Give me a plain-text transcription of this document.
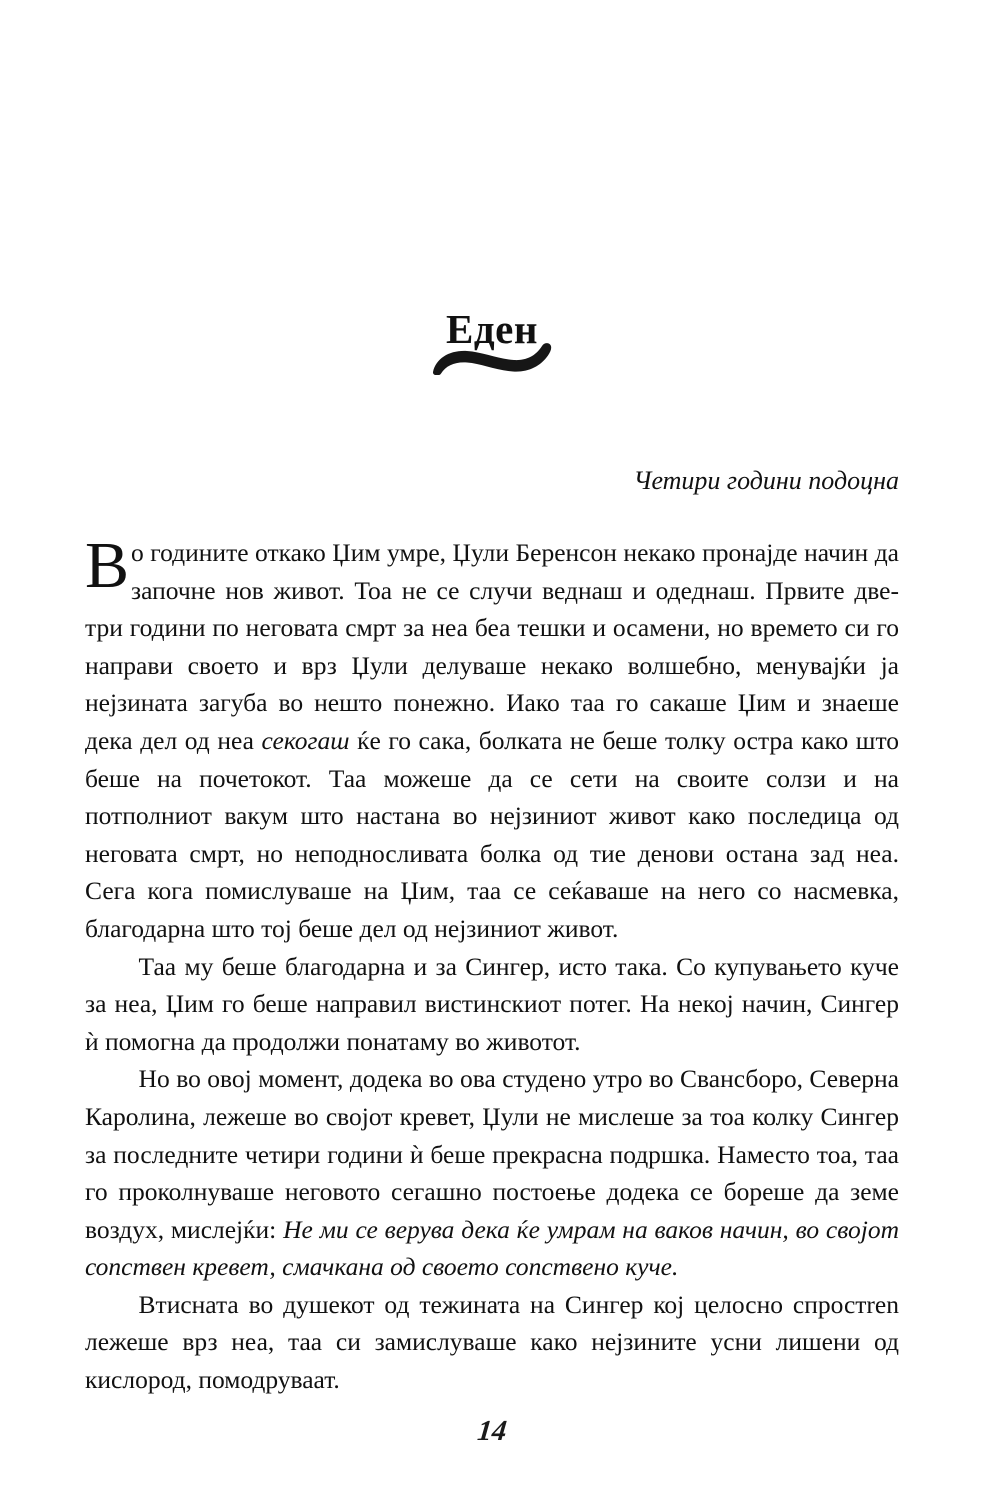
Еден
Четири години подоцна

Во годините откако Џим умре, Џули Беренсон некако пронајде начин да започне нов живот. Тоа не се случи веднаш и одеднаш. Првите две-три години по неговата смрт за неа беа тешки и осамени, но времето си го направи своето и врз Џули делуваше некако волшебно, менувајќи ја нејзината загуба во нешто понежно. Иако таа го сакаше Џим и знаеше дека дел од неа секогаш ќе го сака, болката не беше толку остра како што беше на почетокот. Таа можеше да се сети на своите солзи и на потполниот вакум што настана во нејзиниот живот како последица од неговата смрт, но неподносливата болка од тие денови остана зад неа. Сега кога помислуваше на Џим, таа се сеќаваше на него со насмевка, благодарна што тој беше дел од нејзиниот живот.

Таа му беше благодарна и за Сингер, исто така. Со купувањето куче за неа, Џим го беше направил вистинскиот потег. На некој начин, Сингер ѝ помогна да продолжи понатаму во животот.

Но во овој момент, додека во ова студено утро во Свансборо, Северна Каролина, лежеше во својот кревет, Џули не мислеше за тоа колку Сингер за последните четири години ѝ беше прекрасна подршка. Наместо тоа, таа го проколнуваше неговото сегашно постоење додека се бореше да земе воздух, мислејќи: Не ми се верува дека ќе умрам на ваков начин, во својот сопствен кревет, смачкана од своето сопствено куче.

Втисната во душекот од тежината на Сингер кој целосно спростren лежеше врз неа, таа си замислуваше како нејзините усни лишени од кислород, помодруваат.

14
